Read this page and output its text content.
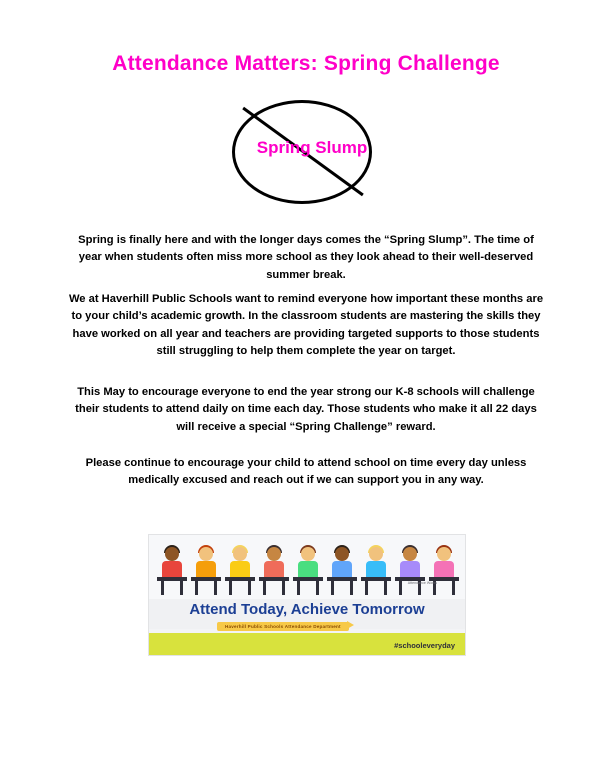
Attendance Matters: Spring Challenge
Spring Slump
Spring is finally here and with the longer days comes the “Spring Slump”. The time of year when students often miss more school as they look ahead to their well-deserved summer break.
We at Haverhill Public Schools want to remind everyone how important these months are to your child’s academic growth. In the classroom students are mastering the skills they have worked on all year and teachers are providing targeted supports to those students still struggling to help them complete the year on target.
This May to encourage everyone to end the year strong our K-8 schools will challenge their students to attend daily on time each day. Those students who make it all 22 days will receive a special “Spring Challenge” reward.
Please continue to encourage your child to attend school on time every day unless medically excused and reach out if we can support you in any way.
Attendance Works
Attend Today, Achieve Tomorrow
Haverhill Public Schools Attendance Department
#schooleveryday
